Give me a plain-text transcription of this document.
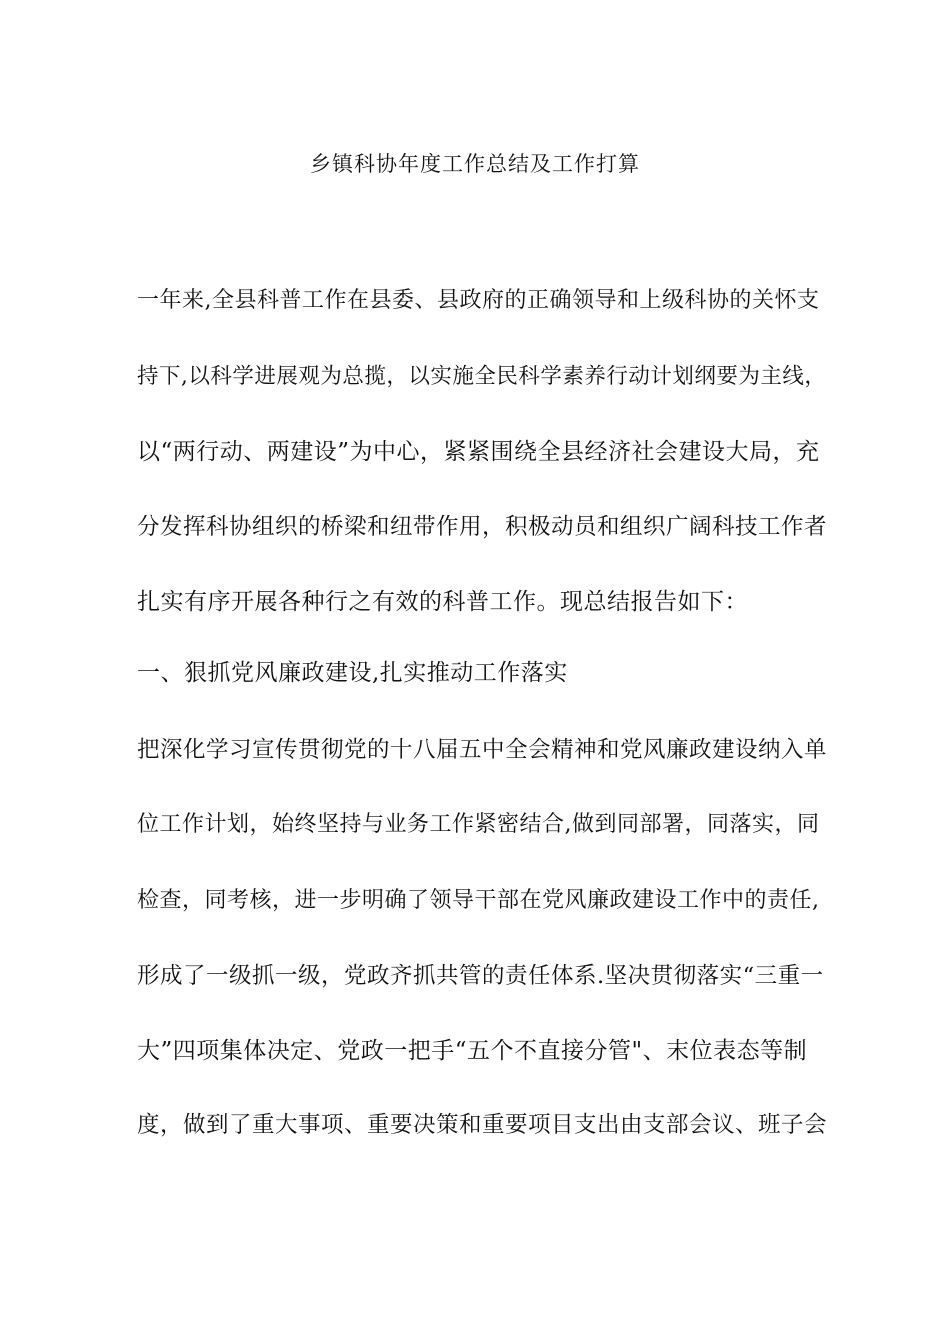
乡镇科协年度工作总结及工作打算
一年来,全县科普工作在县委、县政府的正确领导和上级科协的关怀支
持下,以科学进展观为总揽，以实施全民科学素养行动计划纲要为主线，
以“两行动、两建设”为中心，紧紧围绕全县经济社会建设大局，充
分发挥科协组织的桥梁和纽带作用，积极动员和组织广阔科技工作者
扎实有序开展各种行之有效的科普工作。现总结报告如下：
一、狠抓党风廉政建设,扎实推动工作落实
把深化学习宣传贯彻党的十八届五中全会精神和党风廉政建设纳入单
位工作计划，始终坚持与业务工作紧密结合,做到同部署，同落实，同
检查，同考核，进一步明确了领导干部在党风廉政建设工作中的责任,
形成了一级抓一级，党政齐抓共管的责任体系.坚决贯彻落实“三重一
大”四项集体决定、党政一把手“五个不直接分管"、末位表态等制
度，做到了重大事项、重要决策和重要项目支出由支部会议、班子会
